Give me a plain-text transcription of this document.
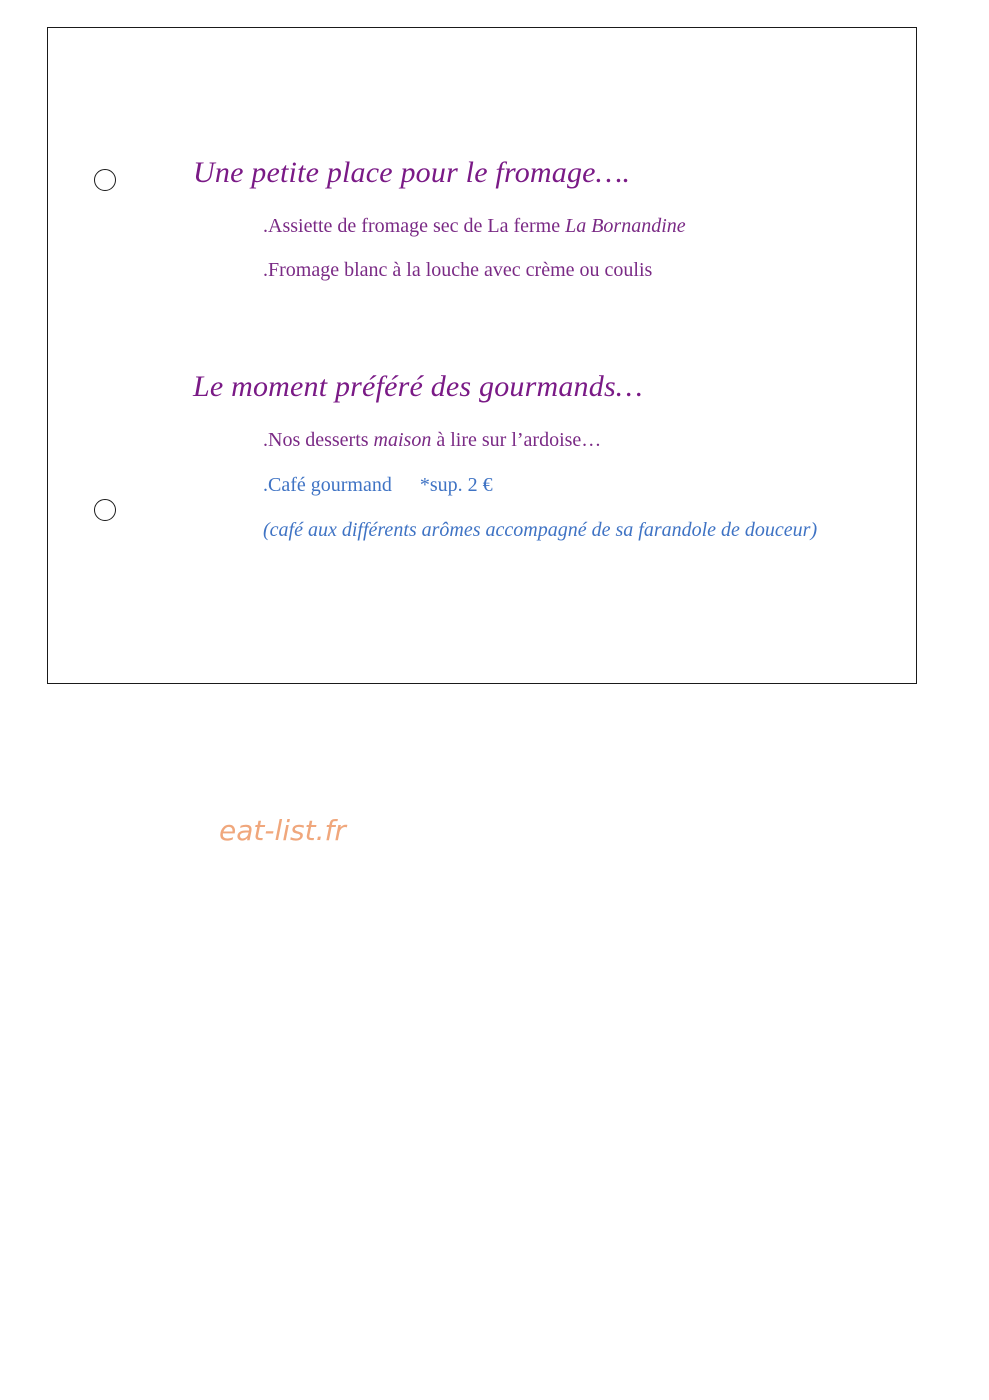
Une petite place pour le fromage….

.Assiette de fromage sec de La ferme La Bornandine

.Fromage blanc à la louche avec crème ou coulis

Le moment préféré des gourmands…

.Nos desserts maison à lire sur l’ardoise…

.Café gourmand *sup. 2 €

(café aux différents arômes accompagné de sa farandole de douceur)

eat-list.fr
